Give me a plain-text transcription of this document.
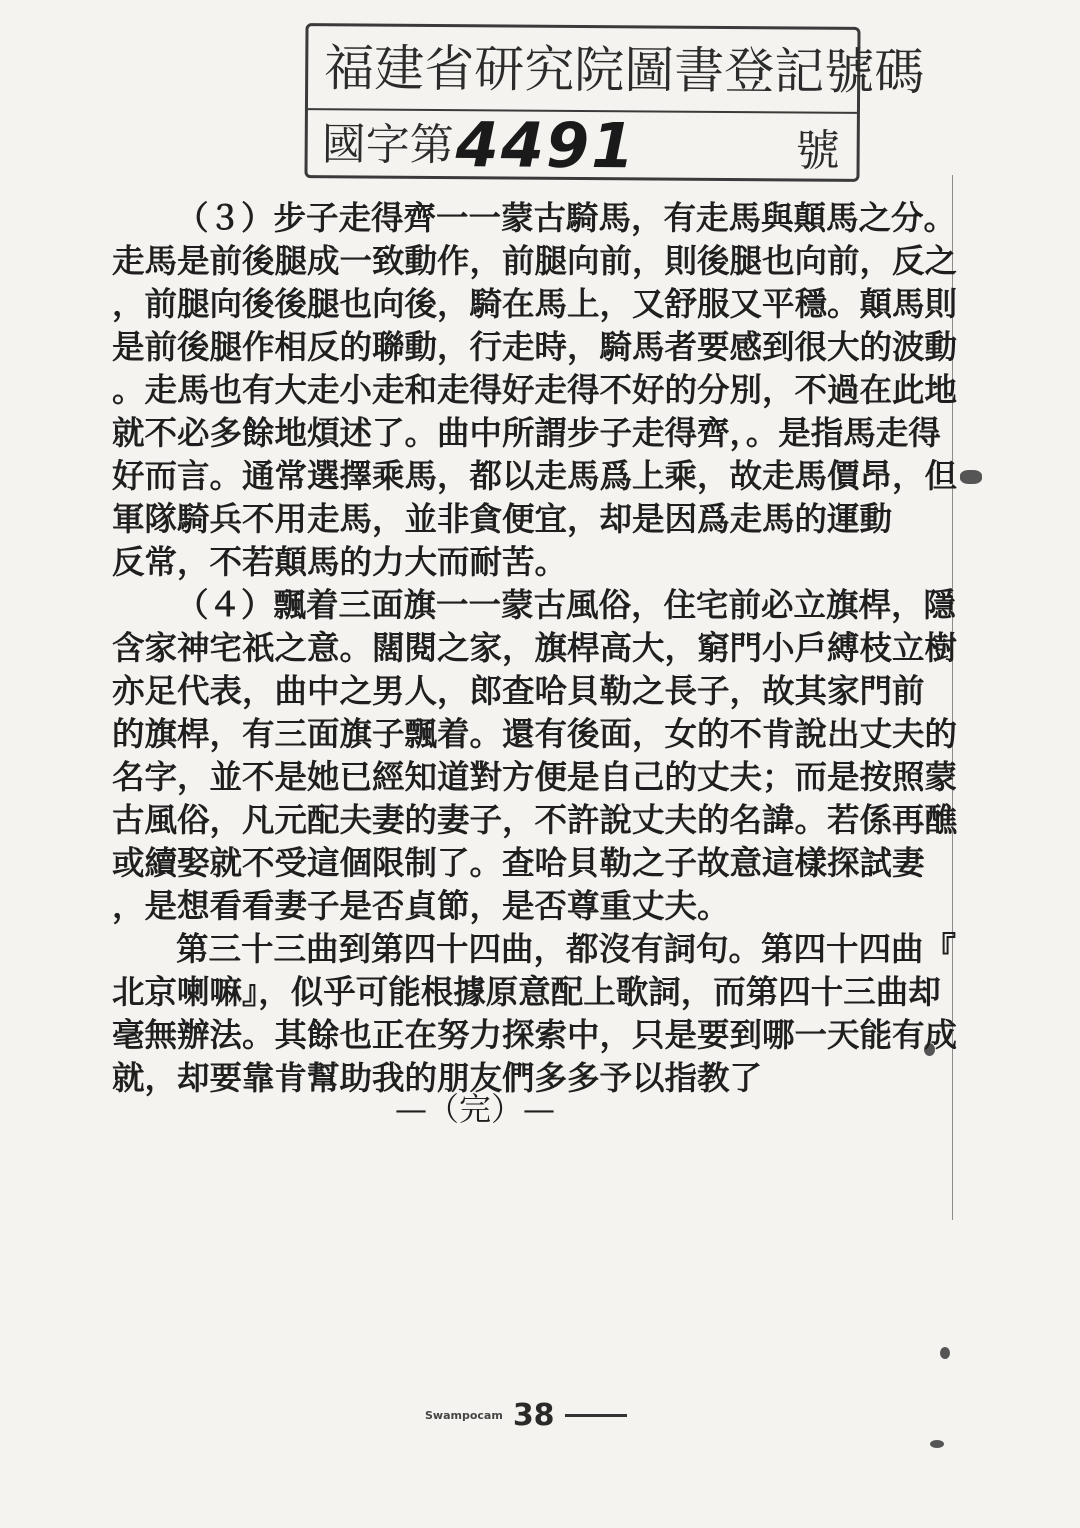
福建省研究院圖書登記號碼
國字第 4491	號

（３）步子走得齊一一蒙古騎馬，有走馬與顛馬之分。

走馬是前後腿成一致動作，前腿向前，則後腿也向前，反之

，前腿向後後腿也向後，騎在馬上，又舒服又平穩。顛馬則

是前後腿作相反的聯動，行走時，騎馬者要感到很大的波動

。走馬也有大走小走和走得好走得不好的分別，不過在此地

就不必多餘地煩述了。曲中所謂步子走得齊，。是指馬走得

好而言。通常選擇乘馬，都以走馬爲上乘，故走馬價昂，但

軍隊騎兵不用走馬，並非貪便宜，却是因爲走馬的運動

反常，不若顛馬的力大而耐苦。

（４）飄着三面旗一一蒙古風俗，住宅前必立旗桿，隱

含家神宅祇之意。闊閱之家，旗桿高大，窮門小戶縛枝立樹

亦足代表，曲中之男人，郎查哈貝勒之長子，故其家門前

的旗桿，有三面旗子飄着。還有後面，女的不肯說出丈夫的

名字，並不是她已經知道對方便是自己的丈夫；而是按照蒙

古風俗，凡元配夫妻的妻子，不許說丈夫的名諱。若係再醮

或續娶就不受這個限制了。查哈貝勒之子故意這樣探試妻

，是想看看妻子是否貞節，是否尊重丈夫。

第三十三曲到第四十四曲，都沒有詞句。第四十四曲『

北京喇嘛』，似乎可能根據原意配上歌詞，而第四十三曲却

毫無辦法。其餘也正在努力探索中，只是要到哪一天能有成

就，却要靠肯幫助我的朋友們多多予以指教了

—（完）—
Swampocam 38
